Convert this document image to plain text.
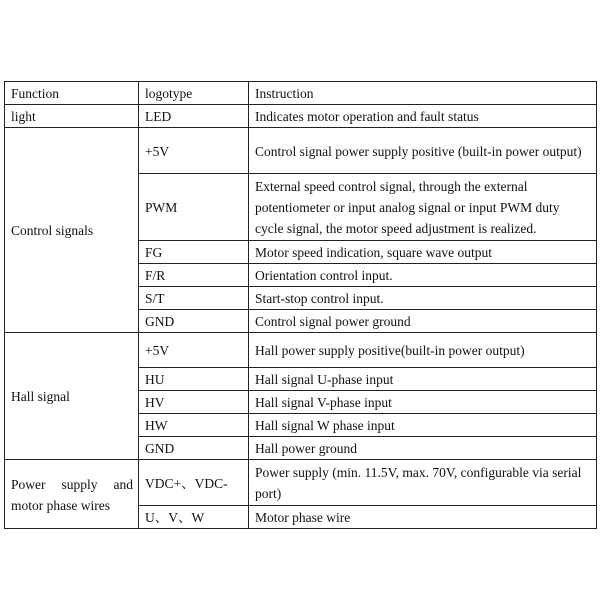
Function	logotype	Instruction
light	LED	Indicates motor operation and fault status
Control signals	+5V	Control signal power supply positive (built-in power output)
	PWM	External speed control signal, through the external potentiometer or input analog signal or input PWM duty cycle signal, the motor speed adjustment is realized.
	FG	Motor speed indication, square wave output
	F/R	Orientation control input.
	S/T	Start-stop control input.
	GND	Control signal power ground
Hall signal	+5V	Hall power supply positive(built-in power output)
	HU	Hall signal U-phase input
	HV	Hall signal V-phase input
	HW	Hall signal W phase input
	GND	Hall power ground
Power supply and motor phase wires	VDC+、VDC-	Power supply (min. 11.5V, max. 70V, configurable via serial port)
	U、V、W	Motor phase wire
